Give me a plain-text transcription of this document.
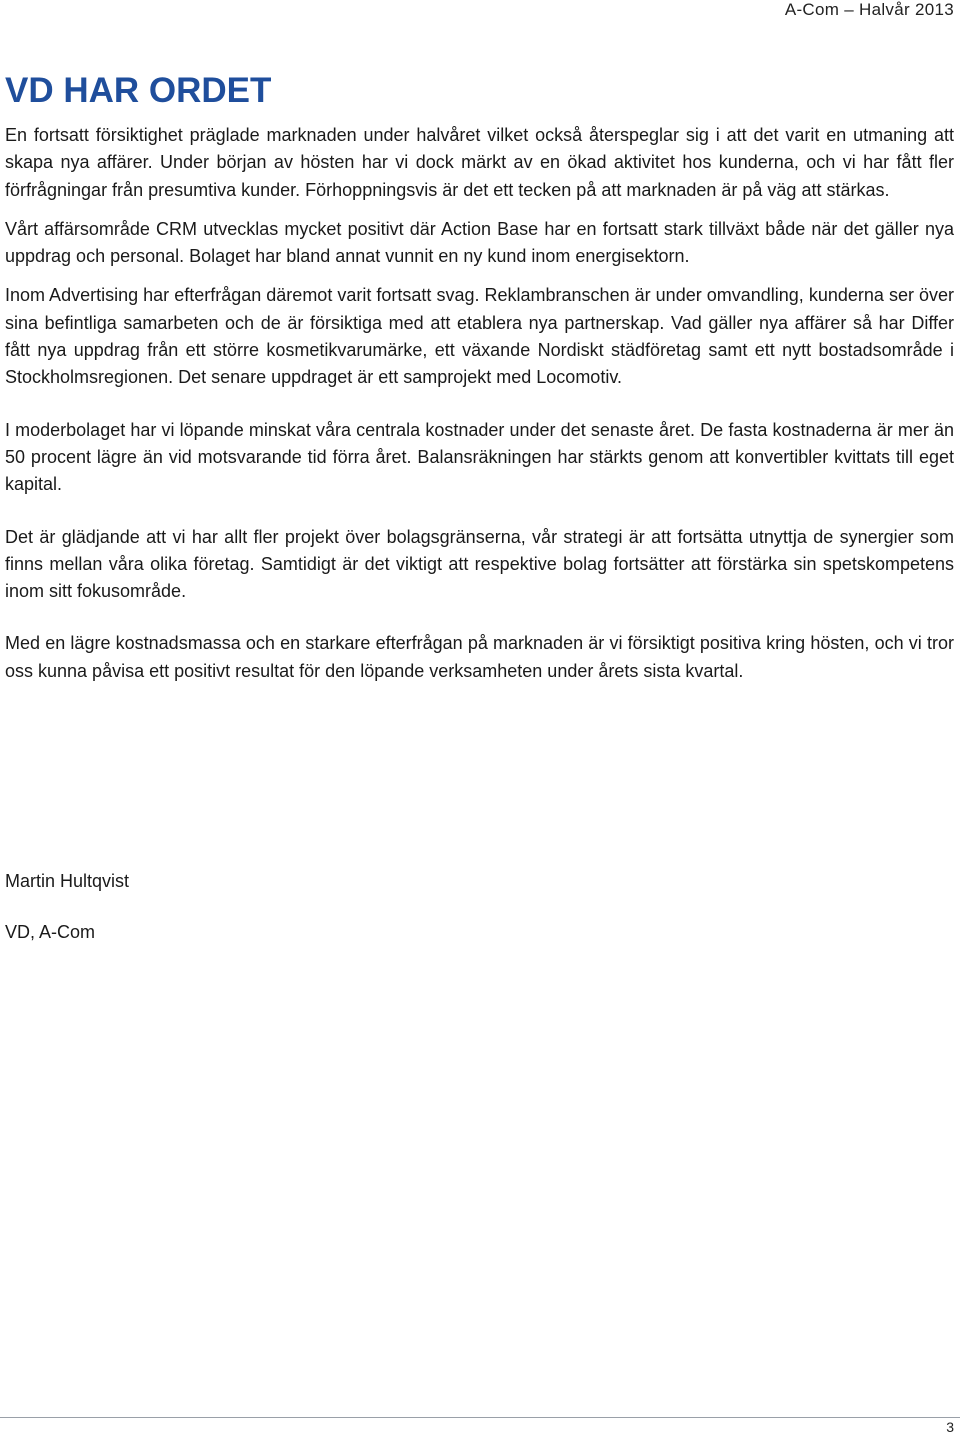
A-Com – Halvår 2013
VD HAR ORDET

En fortsatt försiktighet präglade marknaden under halvåret vilket också återspeglar sig i att det varit en utmaning att skapa nya affärer. Under början av hösten har vi dock märkt av en ökad aktivitet hos kunderna, och vi har fått fler förfrågningar från presumtiva kunder. Förhoppningsvis är det ett tecken på att marknaden är på väg att stärkas.

Vårt affärsområde CRM utvecklas mycket positivt där Action Base har en fortsatt stark tillväxt både när det gäller nya uppdrag och personal. Bolaget har bland annat vunnit en ny kund inom energisektorn.

Inom Advertising har efterfrågan däremot varit fortsatt svag. Reklambranschen är under omvandling, kunderna ser över sina befintliga samarbeten och de är försiktiga med att etablera nya partnerskap. Vad gäller nya affärer så har Differ fått nya uppdrag från ett större kosmetikvarumärke, ett växande Nordiskt städföretag samt ett nytt bostadsområde i Stockholmsregionen. Det senare uppdraget är ett samprojekt med Locomotiv.

I moderbolaget har vi löpande minskat våra centrala kostnader under det senaste året. De fasta kostnaderna är mer än 50 procent lägre än vid motsvarande tid förra året. Balansräkningen har stärkts genom att konvertibler kvittats till eget kapital.

Det är glädjande att vi har allt fler projekt över bolagsgränserna, vår strategi är att fortsätta utnyttja de synergier som finns mellan våra olika företag. Samtidigt är det viktigt att respektive bolag fortsätter att förstärka sin spetskompetens inom sitt fokusområde.

Med en lägre kostnadsmassa och en starkare efterfrågan på marknaden är vi försiktigt positiva kring hösten, och vi tror oss kunna påvisa ett positivt resultat för den löpande verksamheten under årets sista kvartal.

Martin Hultqvist

VD, A-Com

3
